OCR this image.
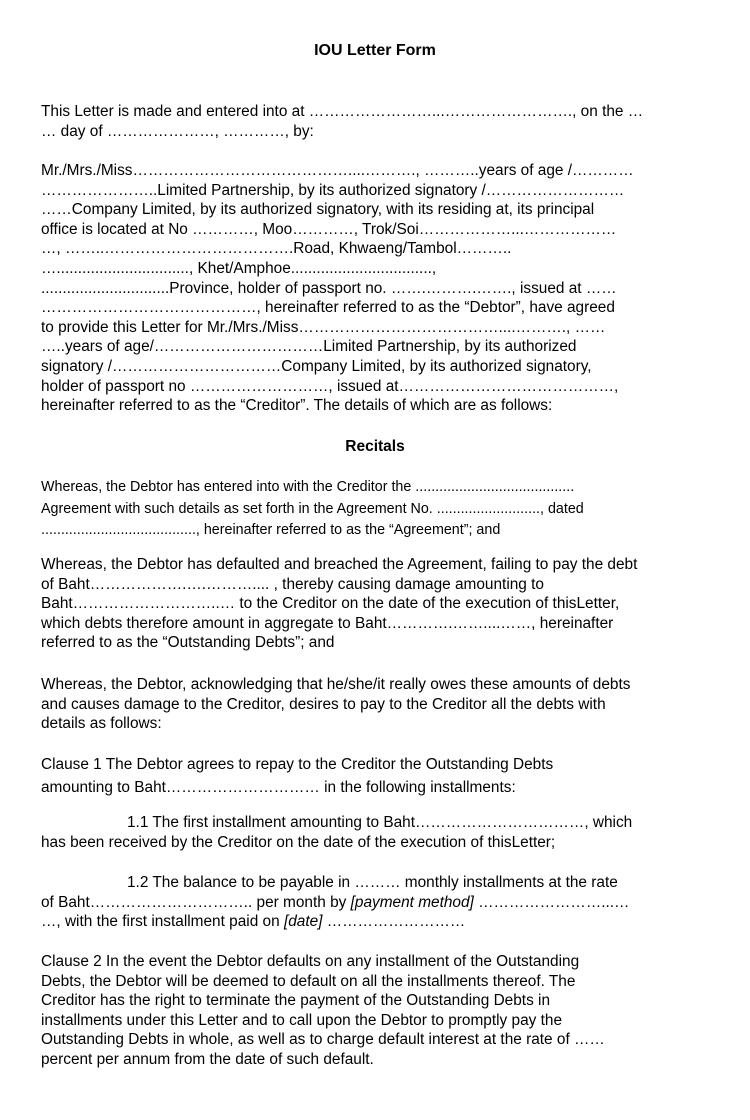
IOU Letter Form
This Letter is made and entered into at ……………………...……………………., on the …
… day of …………………, …………, by:
Mr./Mrs./Miss……………………………………....………., ………..years of age /…………
…………………..Limited Partnership, by its authorized signatory /………………………
……Company Limited, by its authorized signatory, with its residing at, its principal
office is located at No …………, Moo…………, Trok/Soi………………...………………
…, ……..……………………………….Road, Khwaeng/Tambol………..
…..............................., Khet/Amphoe.................................,
..............................Province, holder of passport no. …….……….……., issued at ……
……………………………………, hereinafter referred to as the “Debtor”, have agreed
to provide this Letter for Mr./Mrs./Miss…………………………………....………., ……
…..years of age/……………………………Limited Partnership, by its authorized
signatory /……………………………Company Limited, by its authorized signatory,
holder of passport no ………………………, issued at……………………………………,
hereinafter referred to as the “Creditor”. The details of which are as follows:
Recitals
Whereas, the Debtor has entered into with the Creditor the ........................................
Agreement with such details as set forth in the Agreement No. .........................., dated
......................................., hereinafter referred to as the “Agreement”; and
Whereas, the Debtor has defaulted and breached the Agreement, failing to pay the debt
of Baht……………….….……….... , thereby causing damage amounting to
Baht………………………..… to the Creditor on the date of the execution of thisLetter,
which debts therefore amount in aggregate to Baht………….……....……, hereinafter
referred to as the “Outstanding Debts”; and
Whereas, the Debtor, acknowledging that he/she/it really owes these amounts of debts
and causes damage to the Creditor, desires to pay to the Creditor all the debts with
details as follows:
Clause 1 The Debtor agrees to repay to the Creditor the Outstanding Debts
amounting to Baht………………………… in the following installments:
1.1 The first installment amounting to Baht……………………………, which
has been received by the Creditor on the date of the execution of thisLetter;
1.2 The balance to be payable in ……… monthly installments at the rate
of Baht………………………….. per month by [payment method] ……………………...…
…, with the first installment paid on [date] ………………………
Clause 2 In the event the Debtor defaults on any installment of the Outstanding
Debts, the Debtor will be deemed to default on all the installments thereof. The
Creditor has the right to terminate the payment of the Outstanding Debts in
installments under this Letter and to call upon the Debtor to promptly pay the
Outstanding Debts in whole, as well as to charge default interest at the rate of ……
percent per annum from the date of such default.
